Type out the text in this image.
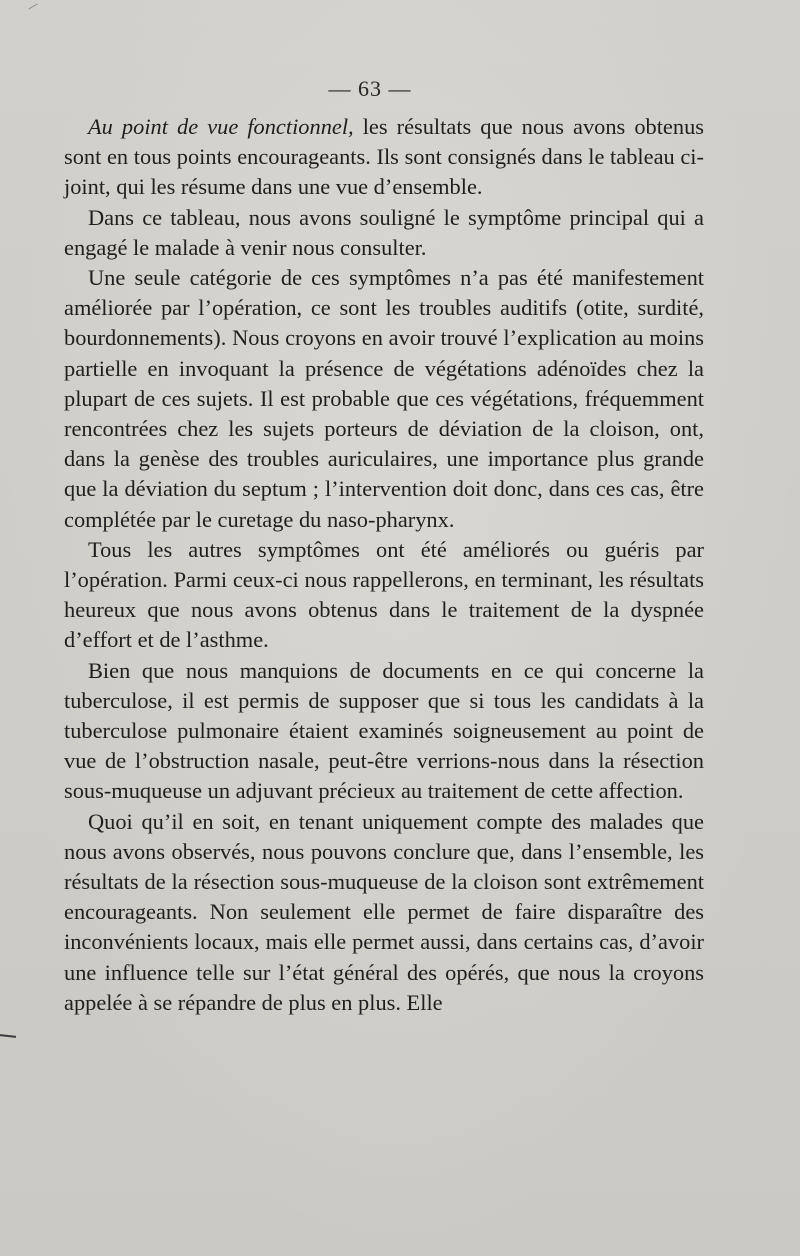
— 63 —

Au point de vue fonctionnel, les résultats que nous avons obtenus sont en tous points encourageants. Ils sont consignés dans le tableau ci-joint, qui les résume dans une vue d’ensemble.

Dans ce tableau, nous avons souligné le symptôme principal qui a engagé le malade à venir nous consulter.

Une seule catégorie de ces symptômes n’a pas été manifestement améliorée par l’opération, ce sont les troubles auditifs (otite, surdité, bourdonnements). Nous croyons en avoir trouvé l’explication au moins partielle en invoquant la présence de végétations adénoïdes chez la plupart de ces sujets. Il est probable que ces végétations, fréquemment rencontrées chez les sujets porteurs de déviation de la cloison, ont, dans la genèse des troubles auriculaires, une importance plus grande que la déviation du septum ; l’intervention doit donc, dans ces cas, être complétée par le curetage du naso-pharynx.

Tous les autres symptômes ont été améliorés ou guéris par l’opération. Parmi ceux-ci nous rappellerons, en terminant, les résultats heureux que nous avons obtenus dans le traitement de la dyspnée d’effort et de l’asthme.

Bien que nous manquions de documents en ce qui concerne la tuberculose, il est permis de supposer que si tous les candidats à la tuberculose pulmonaire étaient examinés soigneusement au point de vue de l’obstruction nasale, peut-être verrions-nous dans la résection sous-muqueuse un adjuvant précieux au traitement de cette affection.

Quoi qu’il en soit, en tenant uniquement compte des malades que nous avons observés, nous pouvons conclure que, dans l’ensemble, les résultats de la résection sous-muqueuse de la cloison sont extrêmement encourageants. Non seulement elle permet de faire disparaître des inconvénients locaux, mais elle permet aussi, dans certains cas, d’avoir une influence telle sur l’état général des opérés, que nous la croyons appelée à se répandre de plus en plus. Elle
